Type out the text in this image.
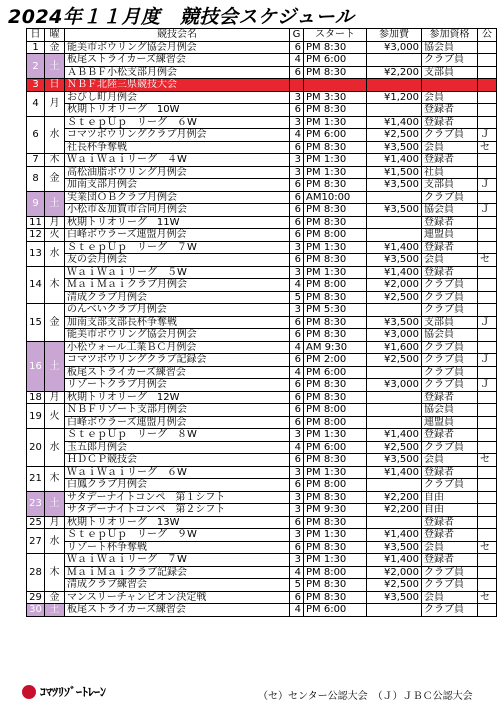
2024年１１月度　競技会スケジュール
日	曜	競技会名	G	スタート	参加費	参加資格	公
1	金	能美市ボウリング協会月例会	6	PM 8:30	¥3,000	協会員	
2	土	板尾ストライカーズ練習会	4	PM 6:00		クラブ員	
		ＡＢＢＦ小松支部月例会	6	PM 8:30	¥2,200	支部員	
3	日	ＮＢＦ北陸三県競技大会					
4	月	おびし町月例会	3	PM 3:30	¥1,200	会員	
		秋期トリオリーグ　10W	6	PM 8:30		登録者	
6	水	ＳｔｅｐＵｐ　リーグ　６W	3	PM 1:30	¥1,400	登録者	
		コマツボウリングクラブ月例会	4	PM 6:00	¥2,500	クラブ員	Ｊ
		社長杯争奪戦	6	PM 8:30	¥3,500	会員	セ
7	木	ＷａｉＷａｉリーグ　４W	3	PM 1:30	¥1,400	登録者	
8	金	高松油脂ボウリング月例会	3	PM 1:30	¥1,500	社員	
		加南支部月例会	6	PM 8:30	¥3,500	支部員	Ｊ
9	土	実業団ＯＢクラブ月例会	6	AM10:00		クラブ員	
		小松市＆加賀市合同月例会	6	PM 8:30	¥3,500	協会員	Ｊ
11	月	秋期トリオリーグ　11W	6	PM 8:30		登録者	
12	火	白峰ボウラーズ連盟月例会	6	PM 8:00		連盟員	
13	水	ＳｔｅｐＵｐ　リーグ　７W	3	PM 1:30	¥1,400	登録者	
		友の会月例会	6	PM 8:30	¥3,500	会員	セ
14	木	ＷａｉＷａｉリーグ　５W	3	PM 1:30	¥1,400	登録者	
		ＭａｉＭａｉクラブ月例会	4	PM 8:00	¥2,000	クラブ員	
		清成クラブ月例会	5	PM 8:30	¥2,500	クラブ員	
15	金	のんべいクラブ月例会	3	PM 5:30		クラブ員	
		加南支部支部長杯争奪戦	6	PM 8:30	¥3,500	支部員	Ｊ
		能美市ボウリング協会月例会	6	PM 8:30	¥3,000	協会員	
16	土	小松ウォール工業ＢＣ月例会	4	AM 9:30	¥1,600	クラブ員	
		コマツボウリングクラブ記録会	6	PM 2:00	¥2,500	クラブ員	Ｊ
		板尾ストライカーズ練習会	4	PM 6:00		クラブ員	
		リゾートクラブ月例会	6	PM 8:30	¥3,000	クラブ員	Ｊ
18	月	秋期トリオリーグ　12W	6	PM 8:30		登録者	
19	火	ＮＢＦリゾート支部月例会	6	PM 8:00		協会員	
		白峰ボウラーズ連盟月例会	6	PM 8:00		連盟員	
20	水	ＳｔｅｐＵｐ　リーグ　８W	3	PM 1:30	¥1,400	登録者	
		玉五郎月例会	4	PM 6:00	¥2,500	クラブ員	
		ＨＤＣＰ競技会	6	PM 8:30	¥3,500	会員	セ
21	木	ＷａｉＷａｉリーグ　６W	3	PM 1:30	¥1,400	登録者	
		白鳳クラブ月例会	6	PM 8:00		クラブ員	
23	土	サタデーナイトコンペ　第１シフト	3	PM 8:30	¥2,200	自由	
		サタデーナイトコンペ　第２シフト	3	PM 9:30	¥2,200	自由	
25	月	秋期トリオリーグ　13W	6	PM 8:30		登録者	
27	水	ＳｔｅｐＵｐ　リーグ　９W	3	PM 1:30	¥1,400	登録者	
		リゾート杯争奪戦	6	PM 8:30	¥3,500	会員	セ
28	木	ＷａｉＷａｉリーグ　７W	3	PM 1:30	¥1,400	登録者	
		ＭａｉＭａｉクラブ記録会	4	PM 8:00	¥2,000	クラブ員	
		清成クラブ練習会	5	PM 8:30	¥2,500	クラブ員	
29	金	マンスリーチャンピオン決定戦	6	PM 8:30	¥3,500	会員	セ
30	土	板尾ストライカーズ練習会	4	PM 6:00		クラブ員	
ｺﾏﾂﾘｿﾞｰﾄﾚｰﾝ	（セ）センター公認大会　（Ｊ）ＪＢＣ公認大会
